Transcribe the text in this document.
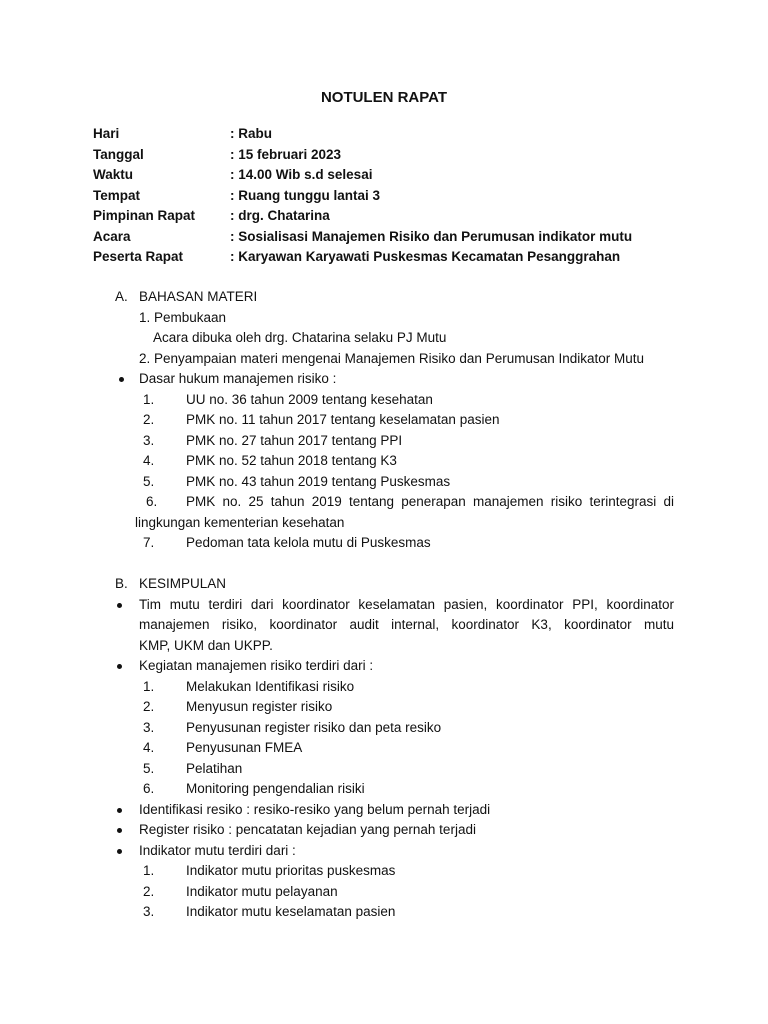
NOTULEN RAPAT
Hari	: Rabu
Tanggal	: 15 februari 2023
Waktu	: 14.00 Wib s.d selesai
Tempat	: Ruang tunggu lantai 3
Pimpinan Rapat	: drg. Chatarina
Acara	: Sosialisasi Manajemen Risiko dan Perumusan indikator mutu
Peserta Rapat	: Karyawan Karyawati Puskesmas Kecamatan Pesanggrahan
A. BAHASAN MATERI
1. Pembukaan
Acara dibuka oleh drg. Chatarina selaku PJ Mutu
2. Penyampaian materi mengenai Manajemen Risiko dan Perumusan Indikator Mutu
Dasar hukum manajemen risiko :
1. UU no. 36 tahun 2009 tentang kesehatan
2. PMK no. 11 tahun 2017 tentang keselamatan pasien
3. PMK no. 27 tahun 2017 tentang PPI
4. PMK no. 52 tahun 2018 tentang K3
5. PMK no. 43 tahun 2019 tentang Puskesmas
6. PMK no. 25 tahun 2019 tentang penerapan manajemen risiko terintegrasi di
lingkungan kementerian kesehatan
7. Pedoman tata kelola mutu di Puskesmas
B. KESIMPULAN
Tim mutu terdiri dari koordinator keselamatan pasien, koordinator PPI, koordinator
manajemen risiko, koordinator audit internal, koordinator K3, koordinator mutu
KMP, UKM dan UKPP.
Kegiatan manajemen risiko terdiri dari :
1. Melakukan Identifikasi risiko
2. Menyusun register risiko
3. Penyusunan register risiko dan peta resiko
4. Penyusunan FMEA
5. Pelatihan
6. Monitoring pengendalian risiki
Identifikasi resiko : resiko-resiko yang belum pernah terjadi
Register risiko : pencatatan kejadian yang pernah terjadi
Indikator mutu terdiri dari :
1. Indikator mutu prioritas puskesmas
2. Indikator mutu pelayanan
3. Indikator mutu keselamatan pasien
